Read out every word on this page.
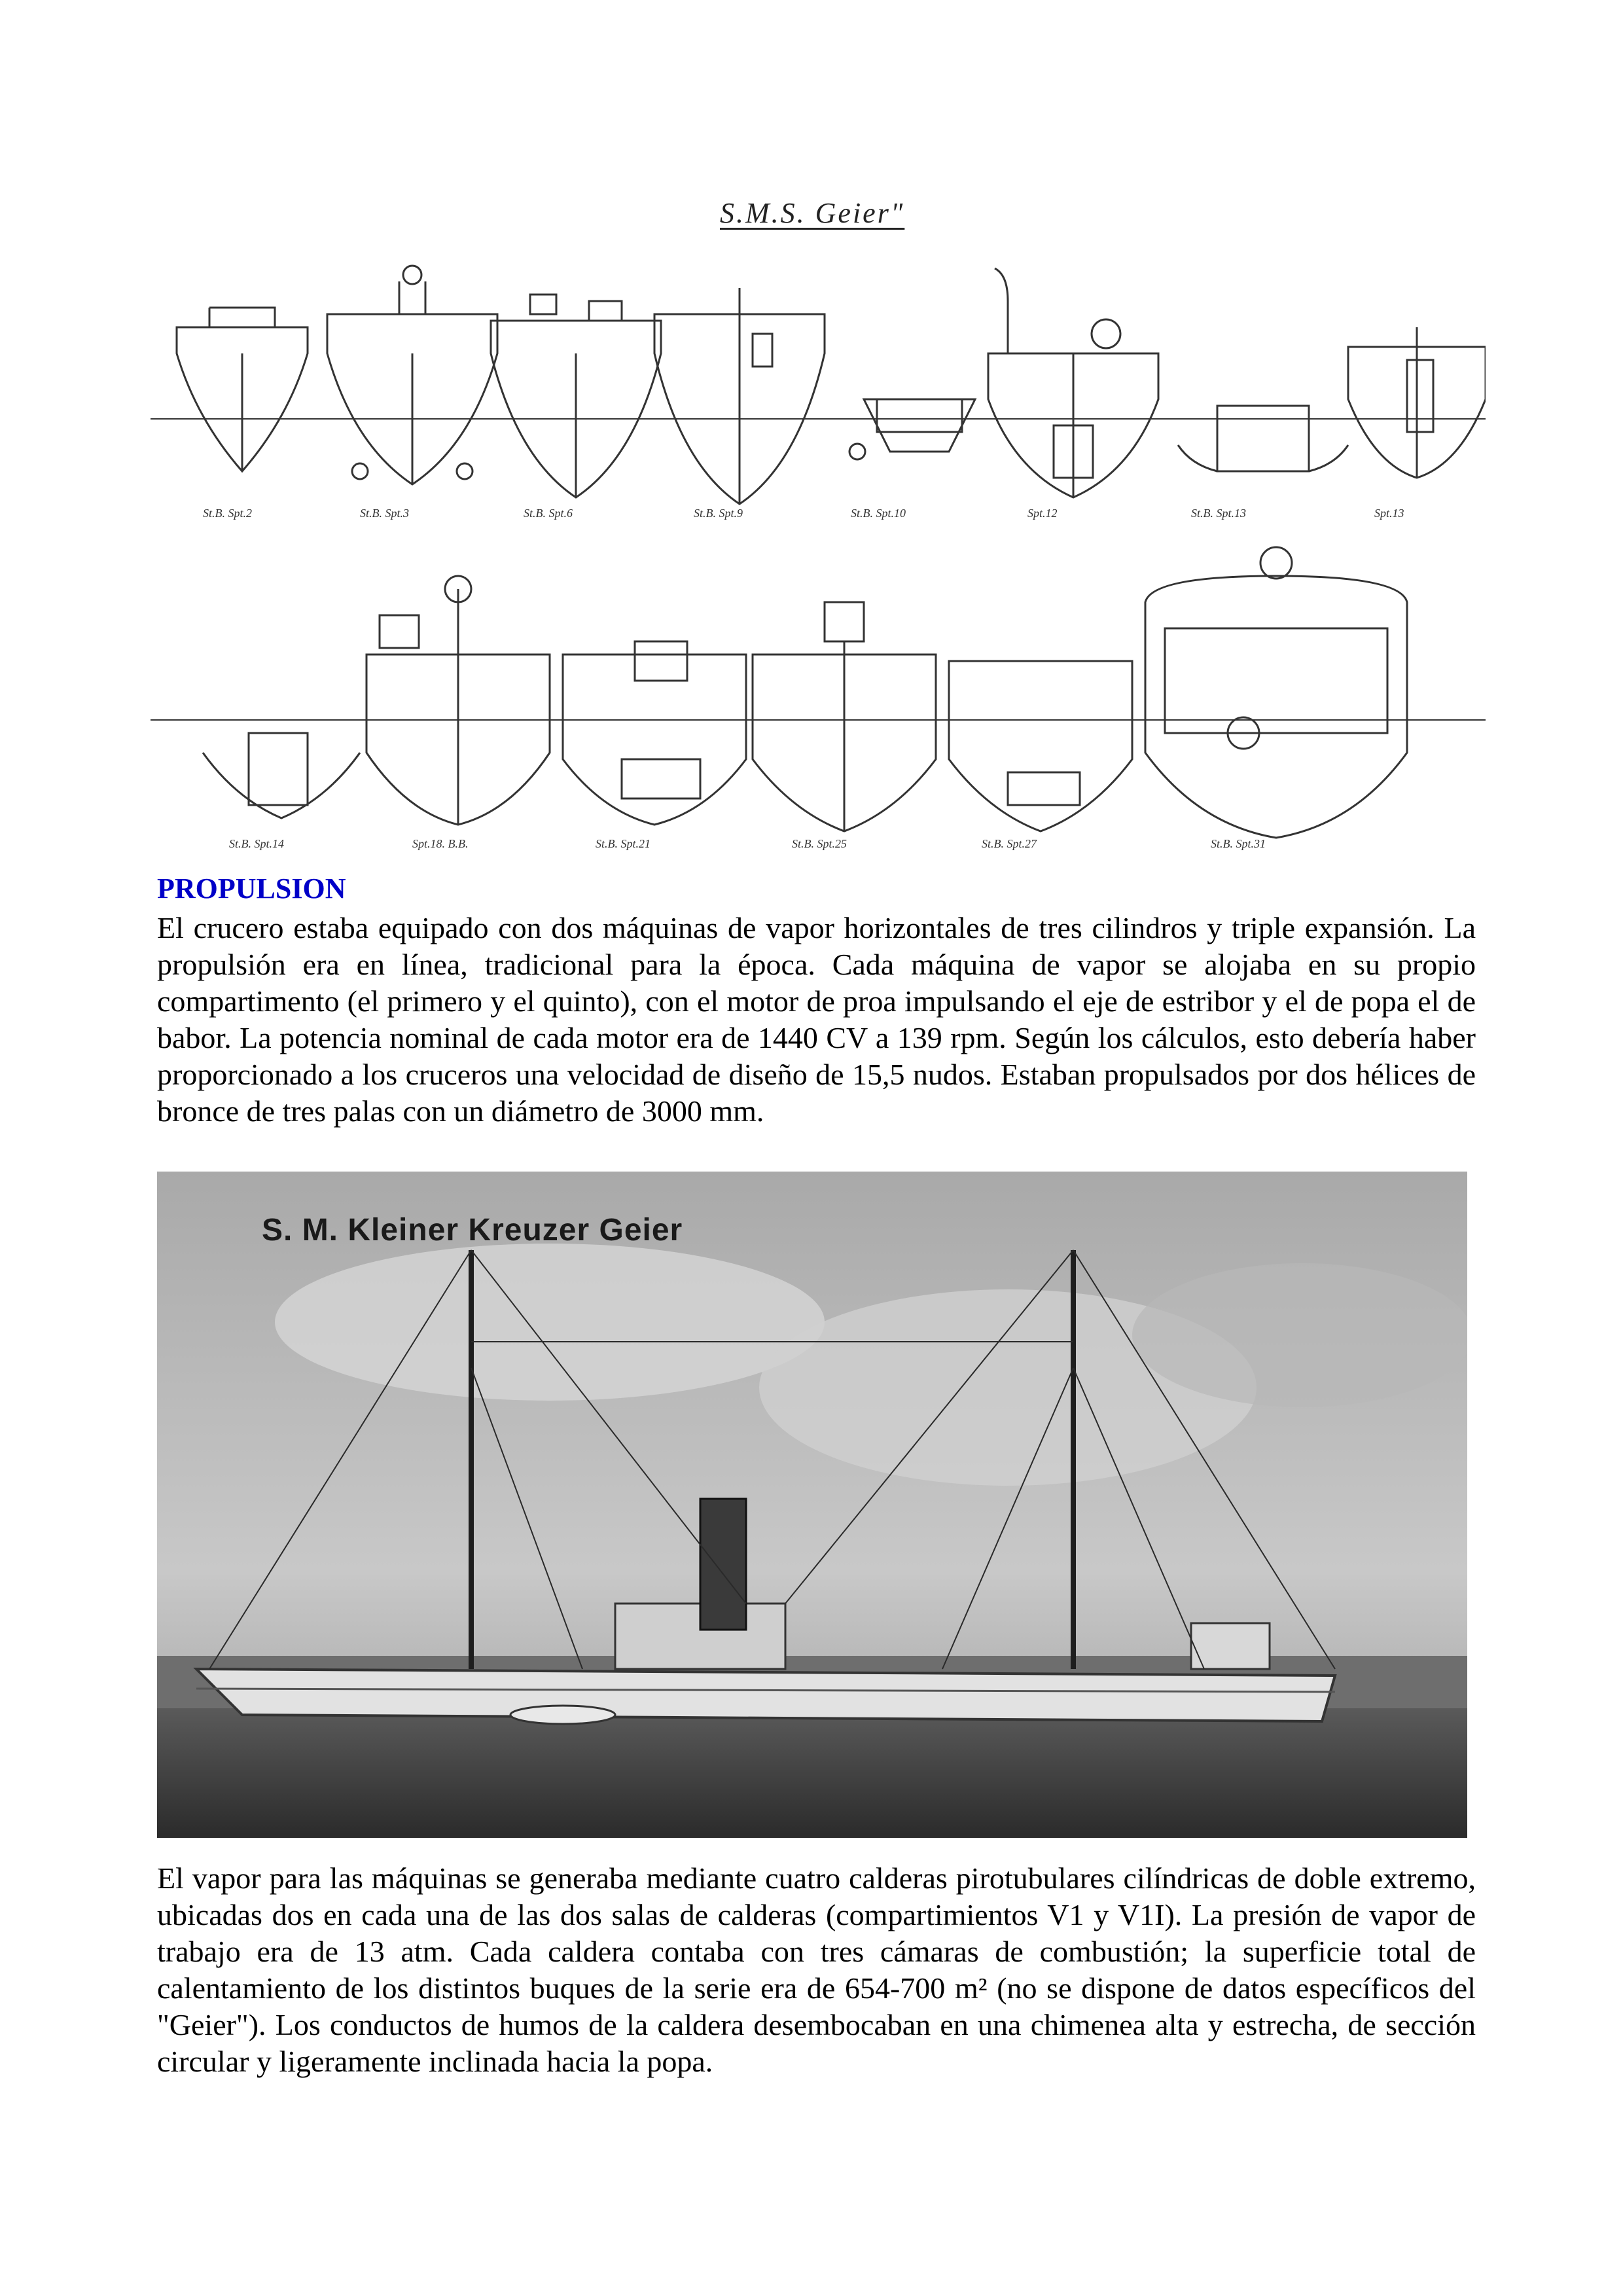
S.M.S. Geier"
St.B. Spt.2	St.B. Spt.3	St.B. Spt.6	St.B. Spt.9	St.B. Spt.10	Spt.12	St.B. Spt.13	Spt.13
St.B. Spt.14	Spt.18. B.B.	St.B. Spt.21	St.B. Spt.25	St.B. Spt.27	St.B. Spt.31
PROPULSION

El crucero estaba equipado con dos máquinas de vapor horizontales de tres cilindros y triple expansión. La propulsión era en línea, tradicional para la época. Cada máquina de vapor se alojaba en su propio compartimento (el primero y el quinto), con el motor de proa impulsando el eje de estribor y el de popa el de babor. La potencia nominal de cada motor era de 1440 CV a 139 rpm. Según los cálculos, esto debería haber proporcionado a los cruceros una velocidad de diseño de 15,5 nudos. Estaban propulsados por dos hélices de bronce de tres palas con un diámetro de 3000 mm.

S. M. Kleiner Kreuzer Geier

El vapor para las máquinas se generaba mediante cuatro calderas pirotubulares cilíndricas de doble extremo, ubicadas dos en cada una de las dos salas de calderas (compartimientos V1 y V1I). La presión de vapor de trabajo era de 13 atm. Cada caldera contaba con tres cámaras de combustión; la superficie total de calentamiento de los distintos buques de la serie era de 654-700 m² (no se dispone de datos específicos del "Geier"). Los conductos de humos de la caldera desembocaban en una chimenea alta y estrecha, de sección circular y ligeramente inclinada hacia la popa.
